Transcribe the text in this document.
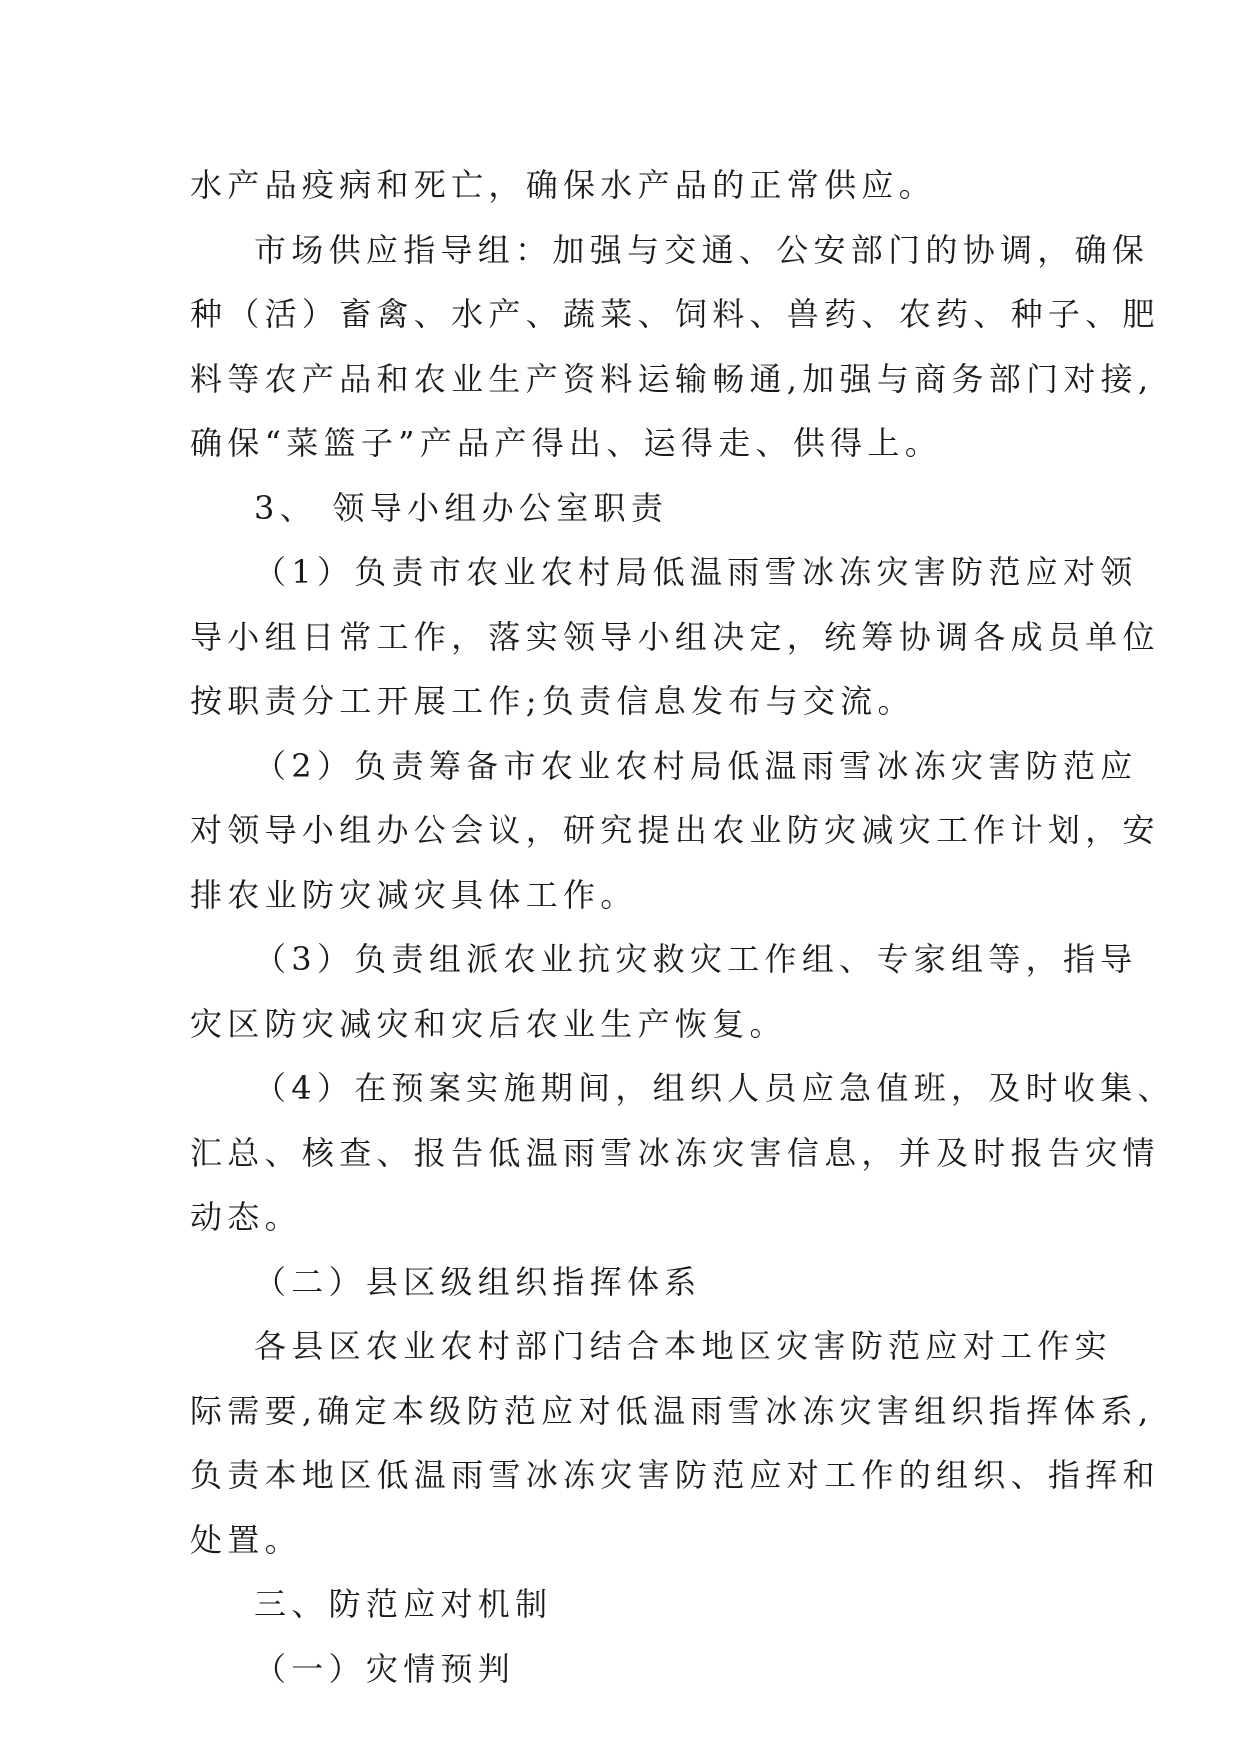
水产品疫病和死亡，确保水产品的正常供应。
市场供应指导组：加强与交通、公安部门的协调，确保
种（活）畜禽、水产、蔬菜、饲料、兽药、农药、种子、肥
料等农产品和农业生产资料运输畅通,加强与商务部门对接,
确保“菜篮子”产品产得出、运得走、供得上。
3、 领导小组办公室职责
（1）负责市农业农村局低温雨雪冰冻灾害防范应对领
导小组日常工作，落实领导小组决定，统筹协调各成员单位
按职责分工开展工作;负责信息发布与交流。
（2）负责筹备市农业农村局低温雨雪冰冻灾害防范应
对领导小组办公会议，研究提出农业防灾减灾工作计划，安
排农业防灾减灾具体工作。
（3）负责组派农业抗灾救灾工作组、专家组等，指导
灾区防灾减灾和灾后农业生产恢复。
（4）在预案实施期间，组织人员应急值班，及时收集、
汇总、核查、报告低温雨雪冰冻灾害信息，并及时报告灾情
动态。
（二）县区级组织指挥体系
各县区农业农村部门结合本地区灾害防范应对工作实
际需要,确定本级防范应对低温雨雪冰冻灾害组织指挥体系,
负责本地区低温雨雪冰冻灾害防范应对工作的组织、指挥和
处置。
三、防范应对机制
（一）灾情预判
